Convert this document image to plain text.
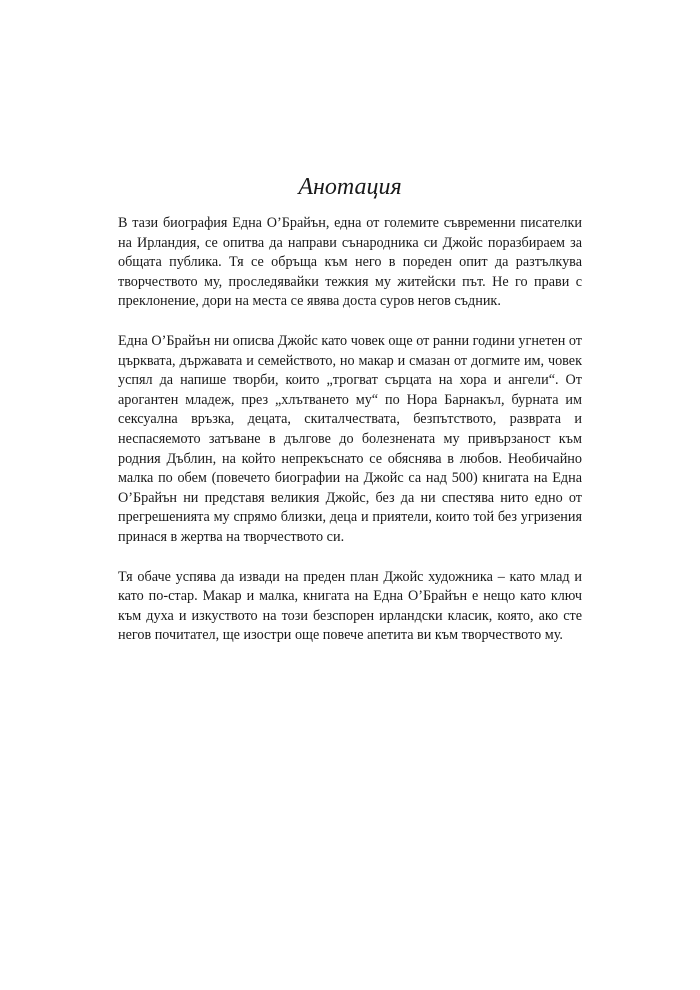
Анотация

В тази биография Една О’Брайън, една от големите съвременни писателки на Ирландия, се опитва да направи сънародника си Джойс поразбираем за общата публика. Тя се обръща към него в пореден опит да разтълкува творчеството му, проследявайки тежкия му житейски път. Не го прави с преклонение, дори на места се явява доста суров негов съдник.

Една О’Брайън ни описва Джойс като човек още от ранни години угнетен от църквата, държавата и семейството, но макар и смазан от догмите им, човек успял да напише творби, които „трогват сърцата на хора и ангели“. От арогантен младеж, през „хлътването му“ по Нора Барнакъл, бурната им сексуална връзка, децата, скиталчествата, безпътството, разврата и неспасяемото затъване в дългове до болезнената му привързаност към родния Дъблин, на който непрекъснато се обяснява в любов. Необичайно малка по обем (повечето биографии на Джойс са над 500) книгата на Една О’Брайън ни представя великия Джойс, без да ни спестява нито едно от прегрешенията му спрямо близки, деца и приятели, които той без угризения принася в жертва на творчеството си.

Тя обаче успява да извади на преден план Джойс художника – като млад и като по-стар. Макар и малка, книгата на Една О’Брайън е нещо като ключ към духа и изкуството на този безспорен ирландски класик, която, ако сте негов почитател, ще изостри още повече апетита ви към творчеството му.
